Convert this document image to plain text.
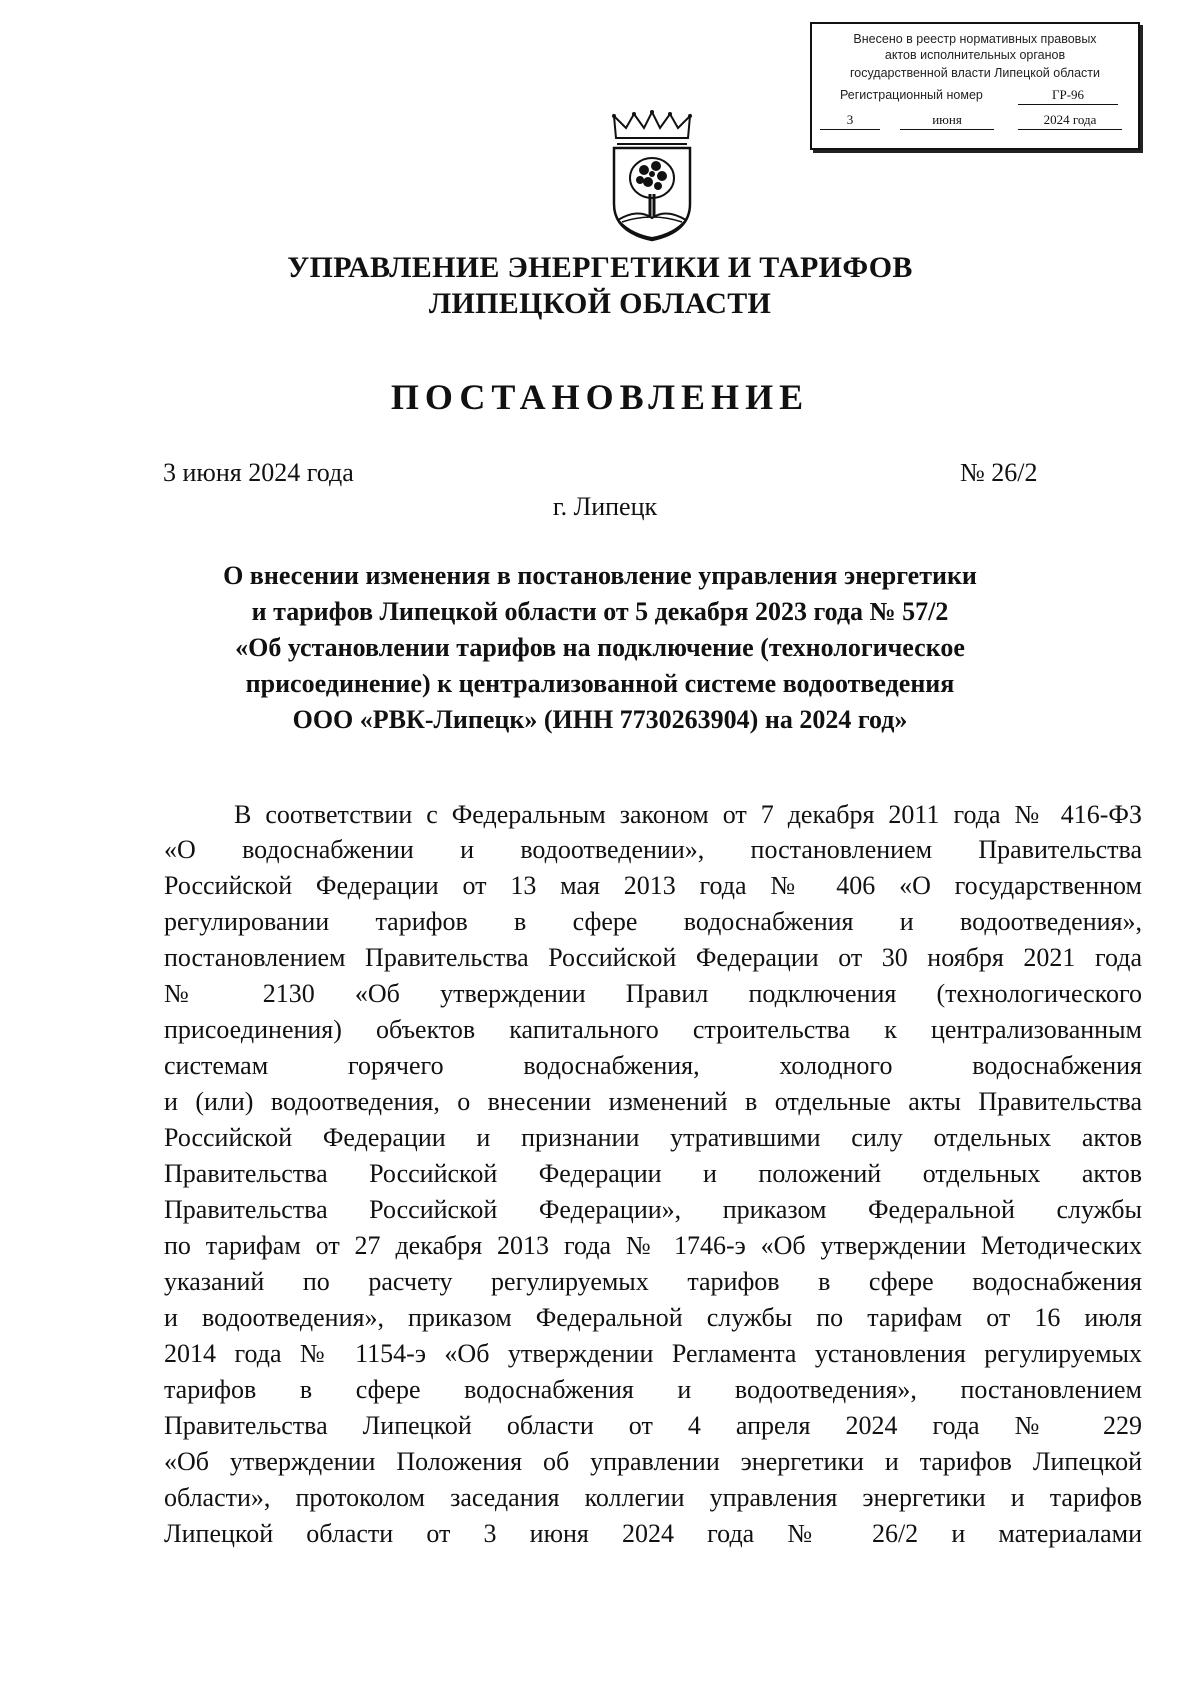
Внесено в реестр нормативных правовых
актов исполнительных органов
государственной власти Липецкой области
Регистрационный номер	ГР-96
3	июня	2024 года
УПРАВЛЕНИЕ ЭНЕРГЕТИКИ И ТАРИФОВ
ЛИПЕЦКОЙ ОБЛАСТИ
ПОСТАНОВЛЕНИЕ
3 июня 2024 года	№ 26/2
г. Липецк
О внесении изменения в постановление управления энергетики
и тарифов Липецкой области от 5 декабря 2023 года № 57/2
«Об установлении тарифов на подключение (технологическое
присоединение) к централизованной системе водоотведения
ООО «РВК-Липецк» (ИНН 7730263904) на 2024 год»
В соответствии с Федеральным законом от 7 декабря 2011 года № 416-ФЗ
«О водоснабжении и водоотведении», постановлением Правительства
Российской Федерации от 13 мая 2013 года № 406 «О государственном
регулировании тарифов в сфере водоснабжения и водоотведения»,
постановлением Правительства Российской Федерации от 30 ноября 2021 года
№ 2130 «Об утверждении Правил подключения (технологического
присоединения) объектов капитального строительства к централизованным
системам горячего водоснабжения, холодного водоснабжения
и (или) водоотведения, о внесении изменений в отдельные акты Правительства
Российской Федерации и признании утратившими силу отдельных актов
Правительства Российской Федерации и положений отдельных актов
Правительства Российской Федерации», приказом Федеральной службы
по тарифам от 27 декабря 2013 года № 1746-э «Об утверждении Методических
указаний по расчету регулируемых тарифов в сфере водоснабжения
и водоотведения», приказом Федеральной службы по тарифам от 16 июля
2014 года № 1154-э «Об утверждении Регламента установления регулируемых
тарифов в сфере водоснабжения и водоотведения», постановлением
Правительства Липецкой области от 4 апреля 2024 года № 229
«Об утверждении Положения об управлении энергетики и тарифов Липецкой
области», протоколом заседания коллегии управления энергетики и тарифов
Липецкой области от 3 июня 2024 года № 26/2 и материалами
